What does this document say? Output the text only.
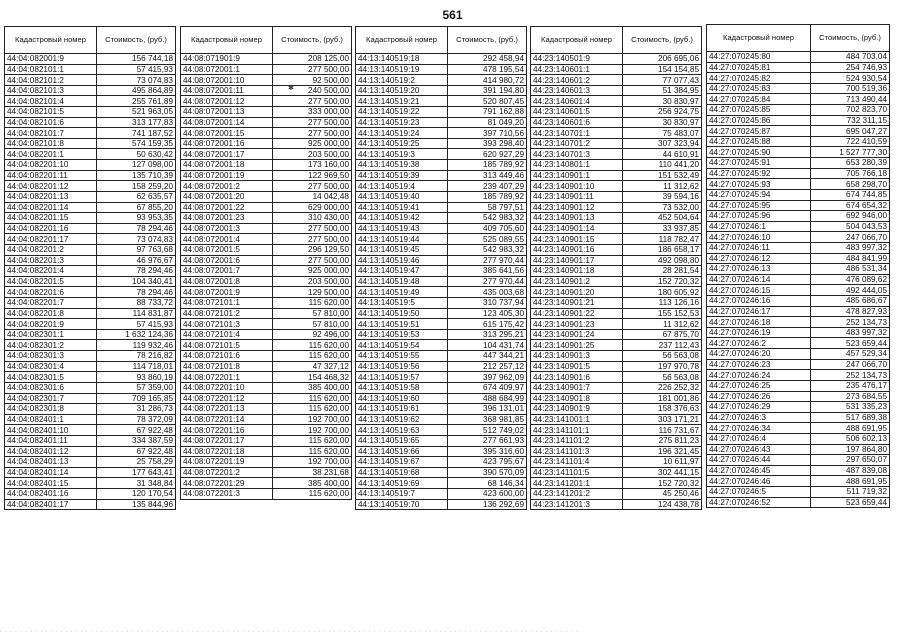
561
Кадастровый номер	Стоимость, (руб.)
44:04:082001:9	156 744,18
44:04:082101:1	57 415,93
44:04:082101:2	73 074,83
44:04:082101:3	495 864,89
44:04:082101:4	255 761,89
44:04:082101:5	521 963,05
44:04:082101:6	313 177,83
44:04:082101:7	741 187,52
44:04:082101:8	574 159,35
44:04:082201:1	50 630,42
44:04:082201:10	127 098,00
44:04:082201:11	135 710,39
44:04:082201:12	158 259,20
44:04:082201:13	62 635,57
44:04:082201:14	67 855,20
44:04:082201:15	93 953,35
44:04:082201:16	78 294,46
44:04:082201:17	73 074,83
44:04:082201:2	97 763,68
44:04:082201:3	46 976,67
44:04:082201:4	78 294,46
44:04:082201:5	104 340,41
44:04:082201:6	78 294,46
44:04:082201:7	88 733,72
44:04:082201:8	114 831,87
44:04:082201:9	57 415,93
44:04:082301:1	1 632 124,36
44:04:082301:2	119 932,46
44:04:082301:3	78 216,82
44:04:082301:4	114 718,01
44:04:082301:5	93 860,19
44:04:082301:6	57 359,00
44:04:082301:7	709 165,85
44:04:082301:8	31 286,73
44:04:082401:1	78 372,09
44:04:082401:10	67 922,48
44:04:082401:11	334 387,59
44:04:082401:12	67 922,48
44:04:082401:13	25 758,29
44:04:082401:14	177 643,41
44:04:082401:15	31 348,84
44:04:082401:16	120 170,54
44:04:082401:17	135 844,96
Кадастровый номер	Стоимость, (руб.)
44:08:071901:9	208 125,00
44:08:072001:1	277 500,00
44:08:072001:10	92 500,00
44:08:072001:11	240 500,00
44:08:072001:12	277 500,00
44:08:072001:13	333 000,00
44:08:072001:14	277 500,00
44:08:072001:15	277 500,00
44:08:072001:16	925 000,00
44:08:072001:17	203 500,00
44:08:072001:18	173 160,00
44:08:072001:19	122 969,50
44:08:072001:2	277 500,00
44:08:072001:20	14 042,48
44:08:072001:22	629 000,00
44:08:072001:23	310 430,00
44:08:072001:3	277 500,00
44:08:072001:4	277 500,00
44:08:072001:5	296 129,50
44:08:072001:6	277 500,00
44:08:072001:7	925 000,00
44:08:072001:8	203 500,00
44:08:072001:9	129 500,00
44:08:072101:1	115 620,00
44:08:072101:2	57 810,00
44:08:072101:3	57 810,00
44:08:072101:4	92 496,00
44:08:072101:5	115 620,00
44:08:072101:6	115 620,00
44:08:072101:8	47 327,12
44:08:072201:1	154 468,32
44:08:072201:10	385 400,00
44:08:072201:12	115 620,00
44:08:072201:13	115 620,00
44:08:072201:14	192 700,00
44:08:072201:16	192 700,00
44:08:072201:17	115 620,00
44:08:072201:18	115 620,00
44:08:072201:19	192 700,00
44:08:072201:2	38 231,68
44:08:072201:29	385 400,00
44:08:072201:3	115 620,00
Кадастровый номер	Стоимость, (руб.)
44:13:140519:18	292 458,94
44:13:140519:19	478 195,54
44:13:140519:2	414 980,72
44:13:140519:20	391 194,80
44:13:140519:21	520 807,45
44:13:140519:22	791 162,88
44:13:140519:23	81 049,20
44:13:140519:24	397 710,56
44:13:140519:25	393 298,40
44:13:140519:3	620 927,29
44:13:140519:38	185 789,92
44:13:140519:39	313 449,46
44:13:140519:4	239 407,29
44:13:140519:40	185 789,92
44:13:140519:41	58 797,51
44:13:140519:42	542 983,32
44:13:140519:43	409 705,60
44:13:140519:44	525 089,55
44:13:140519:45	542 983,32
44:13:140519:46	277 970,44
44:13:140519:47	385 641,56
44:13:140519:48	277 970,44
44:13:140519:49	435 003,68
44:13:140519:5	310 737,94
44:13:140519:50	123 405,30
44:13:140519:51	615 175,42
44:13:140519:53	313 295,21
44:13:140519:54	104 431,74
44:13:140519:55	447 344,21
44:13:140519:56	212 257,12
44:13:140519:57	397 962,09
44:13:140519:58	674 409,97
44:13:140519:60	488 684,99
44:13:140519:61	396 131,01
44:13:140519:62	368 981,85
44:13:140519:63	512 749,02
44:13:140519:65	277 661,93
44:13:140519:66	395 316,60
44:13:140519:67	423 795,67
44:13:140519:68	390 570,09
44:13:140519:69	68 146,34
44:13:140519:7	423 600,00
44:13:140519:70	136 292,69
Кадастровый номер	Стоимость, (руб.)
44:23:140501:9	206 695,06
44:23:140601:1	154 154,85
44:23:140601:2	77 077,43
44:23:140601:3	51 384,95
44:23:140601:4	30 830,97
44:23:140601:5	256 924,75
44:23:140601:6	30 830,97
44:23:140701:1	75 483,07
44:23:140701:2	307 323,94
44:23:140701:3	44 610,91
44:23:140801:1	110 441,20
44:23:140901:1	151 532,49
44:23:140901:10	11 312,62
44:23:140901:11	39 594,16
44:23:140901:12	73 532,00
44:23:140901:13	452 504,64
44:23:140901:14	33 937,85
44:23:140901:15	118 782,47
44:23:140901:16	186 658,17
44:23:140901:17	492 098,80
44:23:140901:18	28 281,54
44:23:140901:2	152 720,32
44:23:140901:20	180 605,92
44:23:140901:21	113 126,16
44:23:140901:22	155 152,53
44:23:140901:23	11 312,62
44:23:140901:24	67 875,70
44:23:140901:25	237 112,43
44:23:140901:3	56 563,08
44:23:140901:5	197 970,78
44:23:140901:6	56 563,08
44:23:140901:7	226 252,32
44:23:140901:8	181 001,86
44:23:140901:9	158 376,63
44:23:141001:1	303 171,21
44:23:141101:1	116 731,67
44:23:141101:2	275 811,23
44:23:141101:3	196 321,45
44:23:141101:4	10 611,97
44:23:141101:5	302 441,15
44:23:141201:1	152 720,32
44:23:141201:2	45 250,46
44:23:141201:3	124 438,78
Кадастровый номер	Стоимость, (руб.)
44:27:070245:80	484 703,04
44:27:070245:81	254 746,93
44:27:070245:82	524 930,54
44:27:070245:83	700 519,36
44:27:070245:84	713 490,44
44:27:070245:85	702 823,70
44:27:070245:86	732 311,15
44:27:070245:87	695 047,27
44:27:070245:88	722 410,59
44:27:070245:90	1 527 777,30
44:27:070245:91	653 280,39
44:27:070245:92	705 766,18
44:27:070245:93	658 298,70
44:27:070245:94	674 744,85
44:27:070245:95	674 654,32
44:27:070245:96	692 946,00
44:27:070246:1	504 043,53
44:27:070246:10	247 066,70
44:27:070246:11	483 997,32
44:27:070246:12	484 841,99
44:27:070246:13	486 531,34
44:27:070246:14	476 089,62
44:27:070246:15	492 444,05
44:27:070246:16	485 686,67
44:27:070246:17	478 827,93
44:27:070246:18	252 134,73
44:27:070246:19	483 997,32
44:27:070246:2	523 659,44
44:27:070246:20	457 529,34
44:27:070246:23	247 066,70
44:27:070246:24	252 134,73
44:27:070246:25	235 476,17
44:27:070246:26	273 684,55
44:27:070246:29	531 335,23
44:27:070246:3	517 689,38
44:27:070246:34	488 691,95
44:27:070246:4	506 602,13
44:27:070246:43	197 864,80
44:27:070246:44	297 650,07
44:27:070246:45	487 839,08
44:27:070246:46	488 691,95
44:27:070246:5	511 719,32
44:27:070246:52	523 659,44
✱
· · · · · · · · · · · · · · · · · · · · · · · · · · · · · · · · · · · · · · · · · · · · · · · · · · · · · · · · · · · · · · · · · · · · · · · · · · · · · · · · · · · · · · · · · · · · · · · · · · · · · · · · · · · · · · · · · · ·
